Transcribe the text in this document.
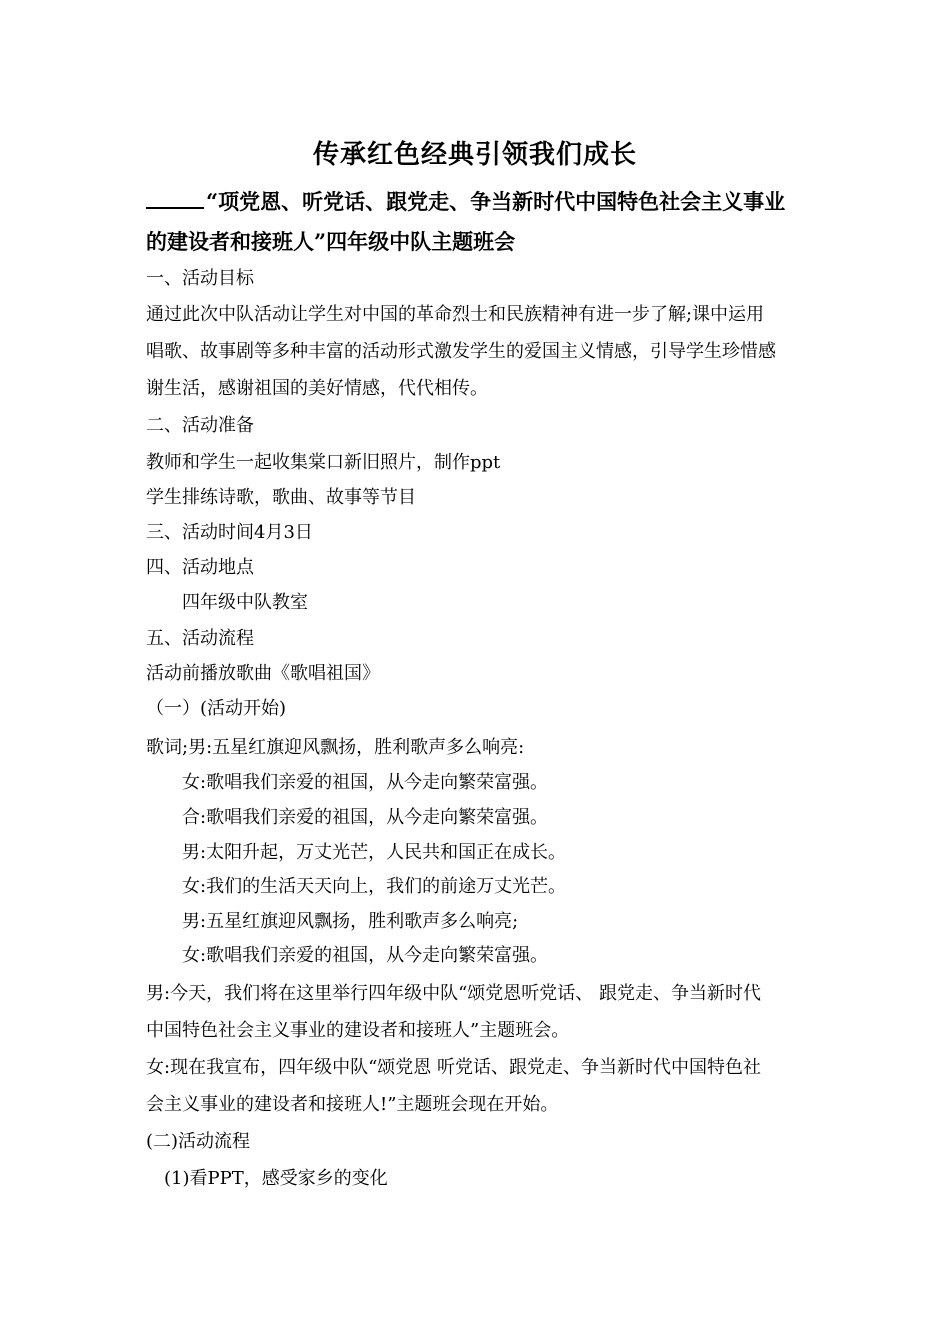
传承红色经典引领我们成长
“项党恩、听党话、跟党走、争当新时代中国特色社会主义事业
的建设者和接班人”四年级中队主题班会
一、活动目标
通过此次中队活动让学生对中国的革命烈士和民族精神有进一步了解;课中运用
唱歌、故事剧等多种丰富的活动形式激发学生的爱国主义情感，引导学生珍惜感
谢生活，感谢祖国的美好情感，代代相传。
二、活动准备
教师和学生一起收集棠口新旧照片，制作ppt
学生排练诗歌，歌曲、故事等节目
三、活动时间4月3日
四、活动地点
四年级中队教室
五、活动流程
活动前播放歌曲《歌唱祖国》
（一）(活动开始)
歌词;男:五星红旗迎风飘扬，胜利歌声多么响亮:
女:歌唱我们亲爱的祖国，从今走向繁荣富强。
合:歌唱我们亲爱的祖国，从今走向繁荣富强。
男:太阳升起，万丈光芒，人民共和国正在成长。
女:我们的生活天天向上，我们的前途万丈光芒。
男:五星红旗迎风飘扬，胜利歌声多么响亮;
女:歌唱我们亲爱的祖国，从今走向繁荣富强。
男:今天，我们将在这里举行四年级中队“颂党恩听党话、 跟党走、争当新时代
中国特色社会主义事业的建设者和接班人”主题班会。
女:现在我宣布，四年级中队“颂党恩 听党话、跟党走、争当新时代中国特色社
会主义事业的建设者和接班人!”主题班会现在开始。
(二)活动流程
(1)看PPT，感受家乡的变化
